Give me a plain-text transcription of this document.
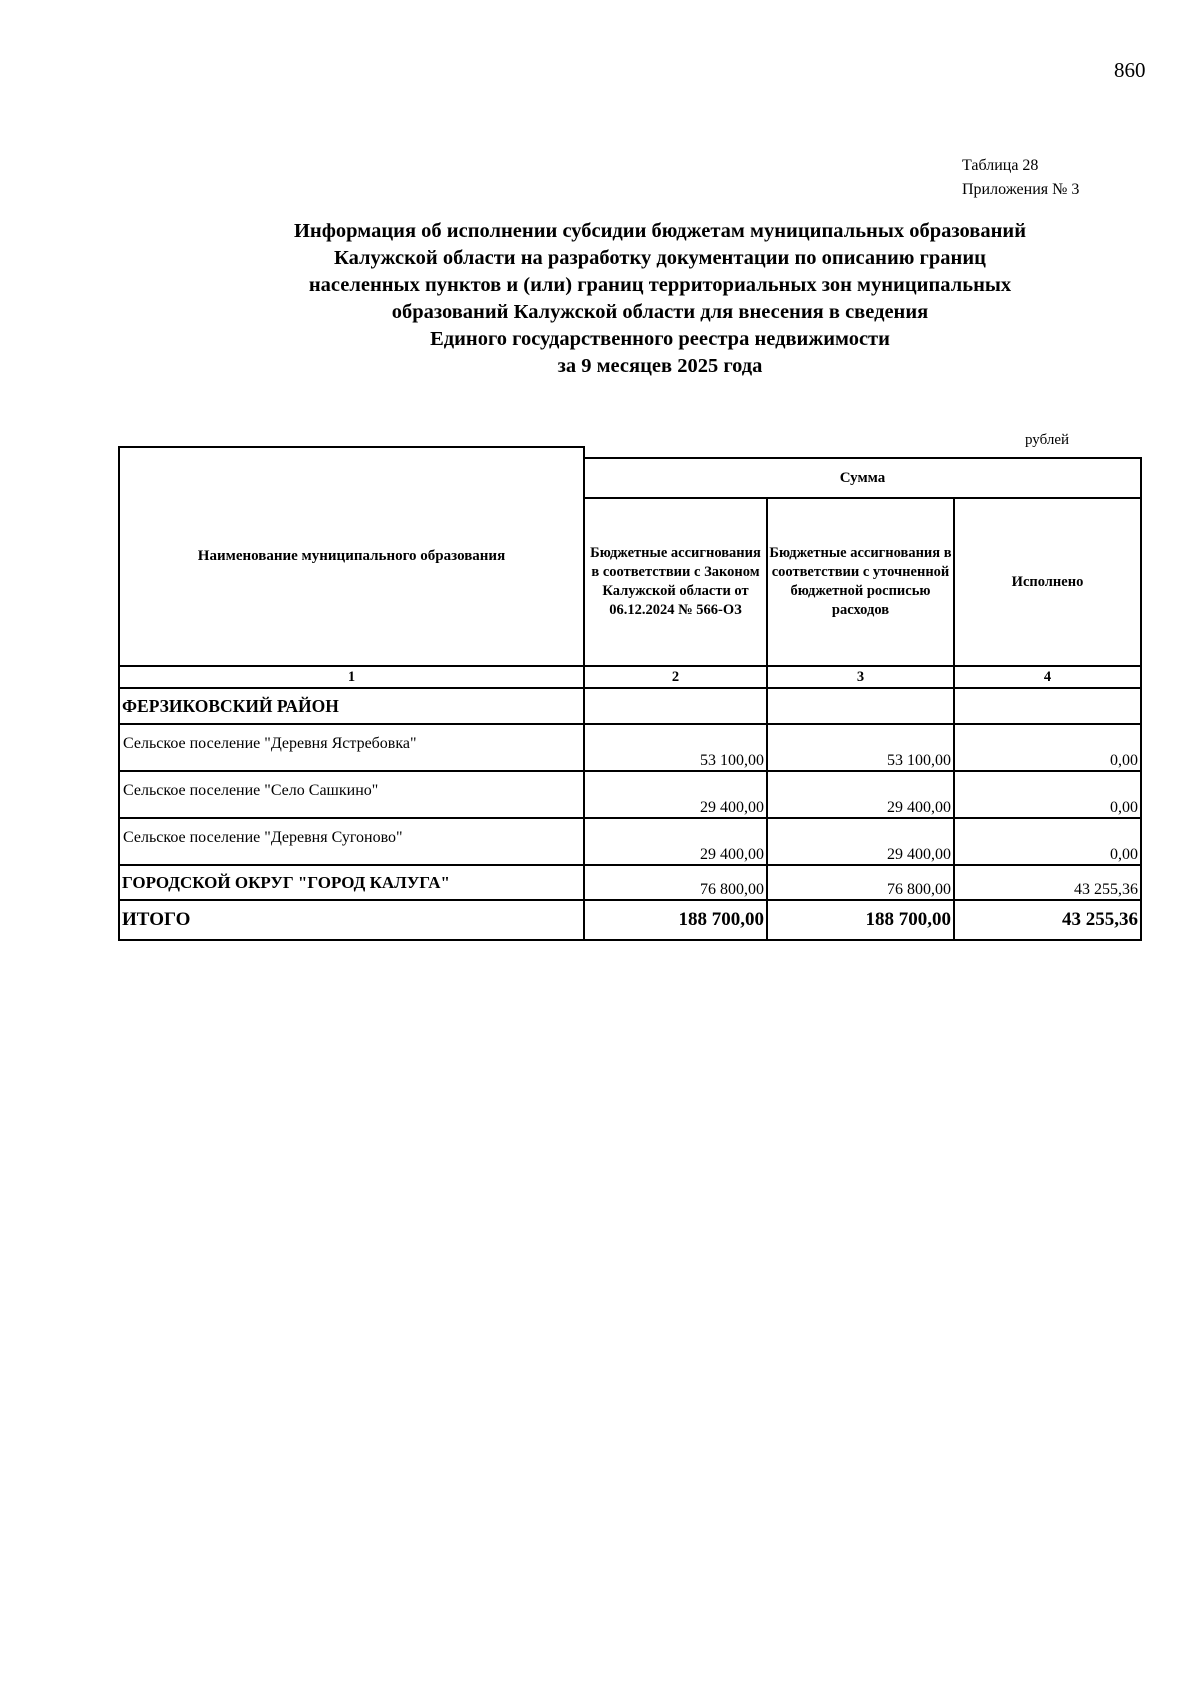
860
Таблица 28
Приложения № 3
Информация об исполнении субсидии бюджетам муниципальных образований
Калужской области на разработку документации по описанию границ
населенных пунктов и (или) границ территориальных зон муниципальных
образований Калужской области для внесения в сведения
Единого государственного реестра недвижимости
за 9 месяцев 2025 года
рублей
Наименование муниципального образования			
	Сумма		
	Бюджетные ассигнования в соответствии с Законом Калужской области от 06.12.2024 № 566-ОЗ	Бюджетные ассигнования в соответствии с уточненной бюджетной росписью расходов	Исполнено
1	2	3	4
ФЕРЗИКОВСКИЙ РАЙОН			
Сельское поселение "Деревня Ястребовка"	53 100,00	53 100,00	0,00
Сельское поселение "Село Сашкино"	29 400,00	29 400,00	0,00
Сельское поселение "Деревня Сугоново"	29 400,00	29 400,00	0,00
ГОРОДСКОЙ ОКРУГ "ГОРОД КАЛУГА"	76 800,00	76 800,00	43 255,36
ИТОГО	188 700,00	188 700,00	43 255,36
